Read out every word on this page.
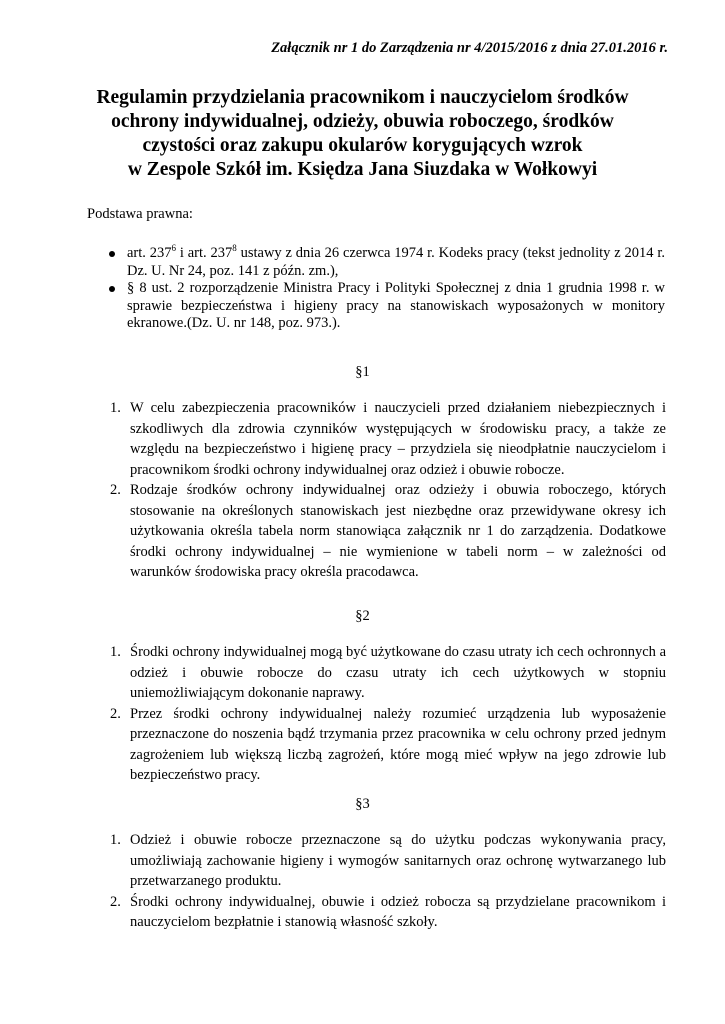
Załącznik nr 1 do Zarządzenia nr 4/2015/2016 z dnia 27.01.2016 r.
Regulamin przydzielania pracownikom i nauczycielom środków
ochrony indywidualnej, odzieży, obuwia roboczego, środków
czystości oraz zakupu okularów korygujących wzrok
w Zespole Szkół im. Księdza Jana Siuzdaka w Wołkowyi
Podstawa prawna:
art. $237^6$ i art. $237^8$ ustawy z dnia 26 czerwca 1974 r. Kodeks pracy (tekst jednolity z 2014 r. Dz. U. Nr 24, poz. 141 z późn. zm.),
§ 8 ust. 2 rozporządzenie Ministra Pracy i Polityki Społecznej z dnia 1 grudnia 1998 r. w sprawie bezpieczeństwa i higieny pracy na stanowiskach wyposażonych w monitory ekranowe.(Dz. U. nr 148, poz. 973.).
§1
1. W celu zabezpieczenia pracowników i nauczycieli przed działaniem niebezpiecznych i szkodliwych dla zdrowia czynników występujących w środowisku pracy, a także ze względu na bezpieczeństwo i higienę pracy – przydziela się nieodpłatnie nauczycielom i pracownikom środki ochrony indywidualnej oraz odzież i obuwie robocze.
2. Rodzaje środków ochrony indywidualnej oraz odzieży i obuwia roboczego, których stosowanie na określonych stanowiskach jest niezbędne oraz przewidywane okresy ich użytkowania określa tabela norm stanowiąca załącznik nr 1 do zarządzenia. Dodatkowe środki ochrony indywidualnej – nie wymienione w tabeli norm – w zależności od warunków środowiska pracy określa pracodawca.
§2
1. Środki ochrony indywidualnej mogą być użytkowane do czasu utraty ich cech ochronnych a odzież i obuwie robocze do czasu utraty ich cech użytkowych w stopniu uniemożliwiającym dokonanie naprawy.
2. Przez środki ochrony indywidualnej należy rozumieć urządzenia lub wyposażenie przeznaczone do noszenia bądź trzymania przez pracownika w celu ochrony przed jednym zagrożeniem lub większą liczbą zagrożeń, które mogą mieć wpływ na jego zdrowie lub bezpieczeństwo pracy.
§3
1. Odzież i obuwie robocze przeznaczone są do użytku podczas wykonywania pracy, umożliwiają zachowanie higieny i wymogów sanitarnych oraz ochronę wytwarzanego lub przetwarzanego produktu.
2. Środki ochrony indywidualnej, obuwie i odzież robocza są przydzielane pracownikom i nauczycielom bezpłatnie i stanowią własność szkoły.
